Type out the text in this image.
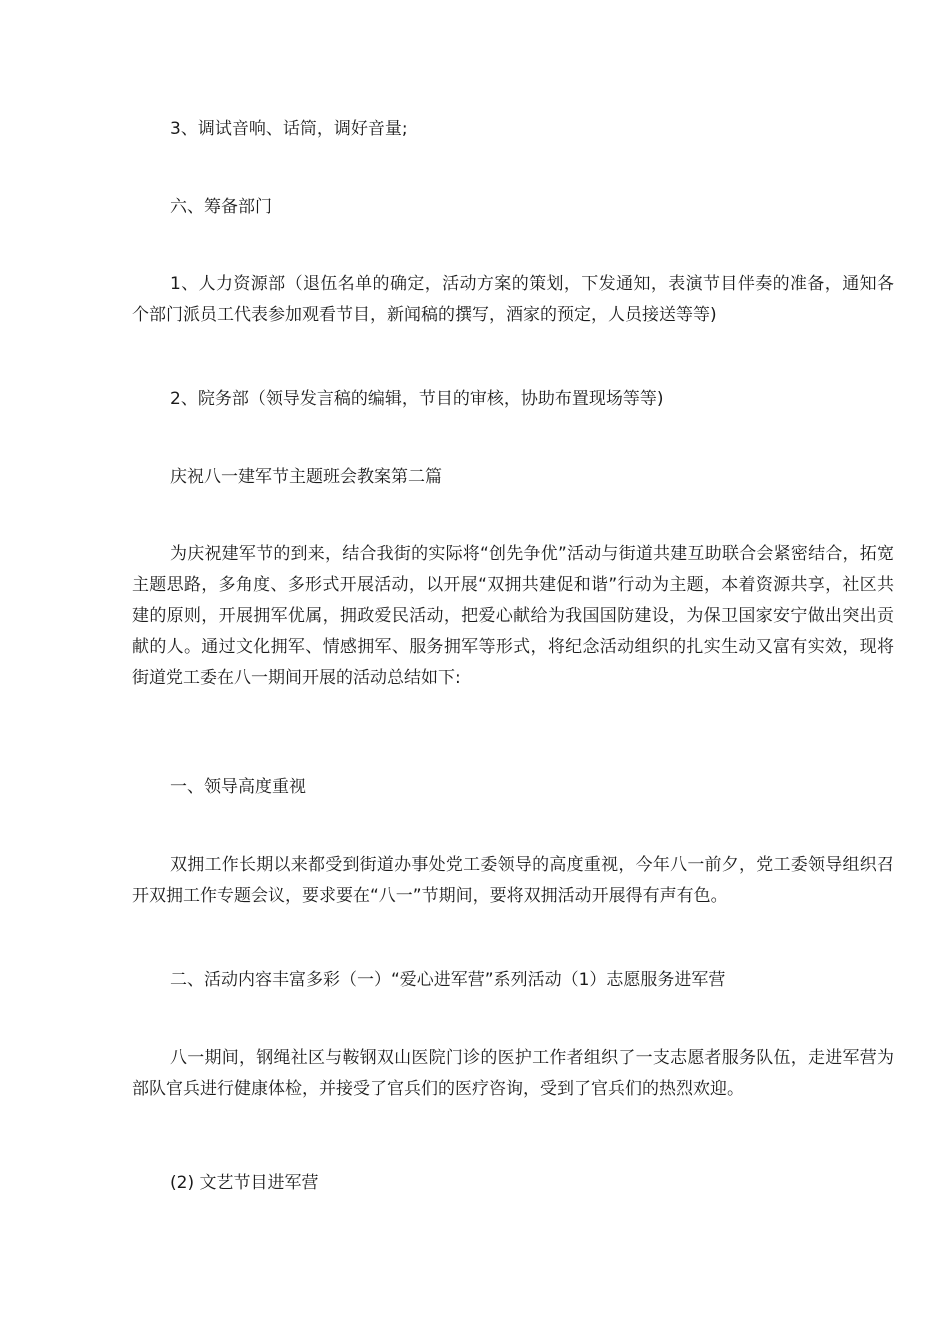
3、调试音响、话筒，调好音量;

六、筹备部门

1、人力资源部（退伍名单的确定，活动方案的策划，下发通知，表演节目伴奏的准备，通知各个部门派员工代表参加观看节目，新闻稿的撰写，酒家的预定，人员接送等等)

2、院务部（领导发言稿的编辑，节目的审核，协助布置现场等等)

庆祝八一建军节主题班会教案第二篇

为庆祝建军节的到来，结合我街的实际将“创先争优”活动与街道共建互助联合会紧密结合，拓宽主题思路，多角度、多形式开展活动，以开展“双拥共建促和谐”行动为主题，本着资源共享，社区共建的原则，开展拥军优属，拥政爱民活动，把爱心献给为我国国防建设，为保卫国家安宁做出突出贡献的人。通过文化拥军、情感拥军、服务拥军等形式，将纪念活动组织的扎实生动又富有实效，现将街道党工委在八一期间开展的活动总结如下:

一、领导高度重视

双拥工作长期以来都受到街道办事处党工委领导的高度重视，今年八一前夕，党工委领导组织召开双拥工作专题会议，要求要在“八一”节期间，要将双拥活动开展得有声有色。

二、活动内容丰富多彩（一）“爱心进军营”系列活动（1）志愿服务进军营

八一期间，钢绳社区与鞍钢双山医院门诊的医护工作者组织了一支志愿者服务队伍，走进军营为部队官兵进行健康体检，并接受了官兵们的医疗咨询，受到了官兵们的热烈欢迎。

(2) 文艺节目进军营
